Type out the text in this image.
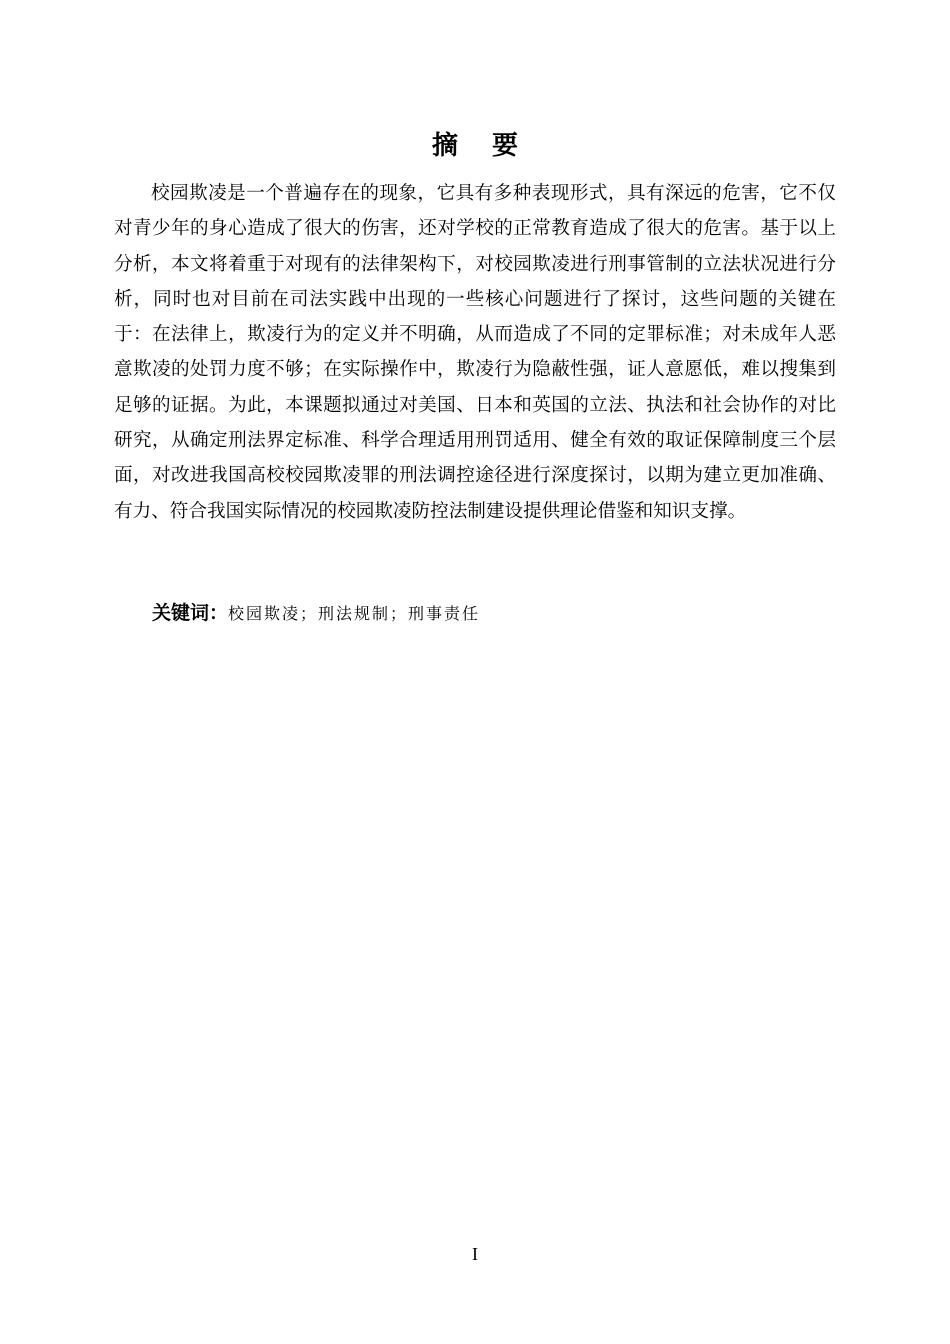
摘要

校园欺凌是一个普遍存在的现象，它具有多种表现形式，具有深远的危害，它不仅对青少年的身心造成了很大的伤害，还对学校的正常教育造成了很大的危害。基于以上分析，本文将着重于对现有的法律架构下，对校园欺凌进行刑事管制的立法状况进行分析，同时也对目前在司法实践中出现的一些核心问题进行了探讨，这些问题的关键在于：在法律上，欺凌行为的定义并不明确，从而造成了不同的定罪标准；对未成年人恶意欺凌的处罚力度不够；在实际操作中，欺凌行为隐蔽性强，证人意愿低，难以搜集到足够的证据。为此，本课题拟通过对美国、日本和英国的立法、执法和社会协作的对比研究，从确定刑法界定标准、科学合理适用刑罚适用、健全有效的取证保障制度三个层面，对改进我国高校校园欺凌罪的刑法调控途径进行深度探讨，以期为建立更加准确、有力、符合我国实际情况的校园欺凌防控法制建设提供理论借鉴和知识支撑。

关键词：校园欺凌；刑法规制；刑事责任
I
